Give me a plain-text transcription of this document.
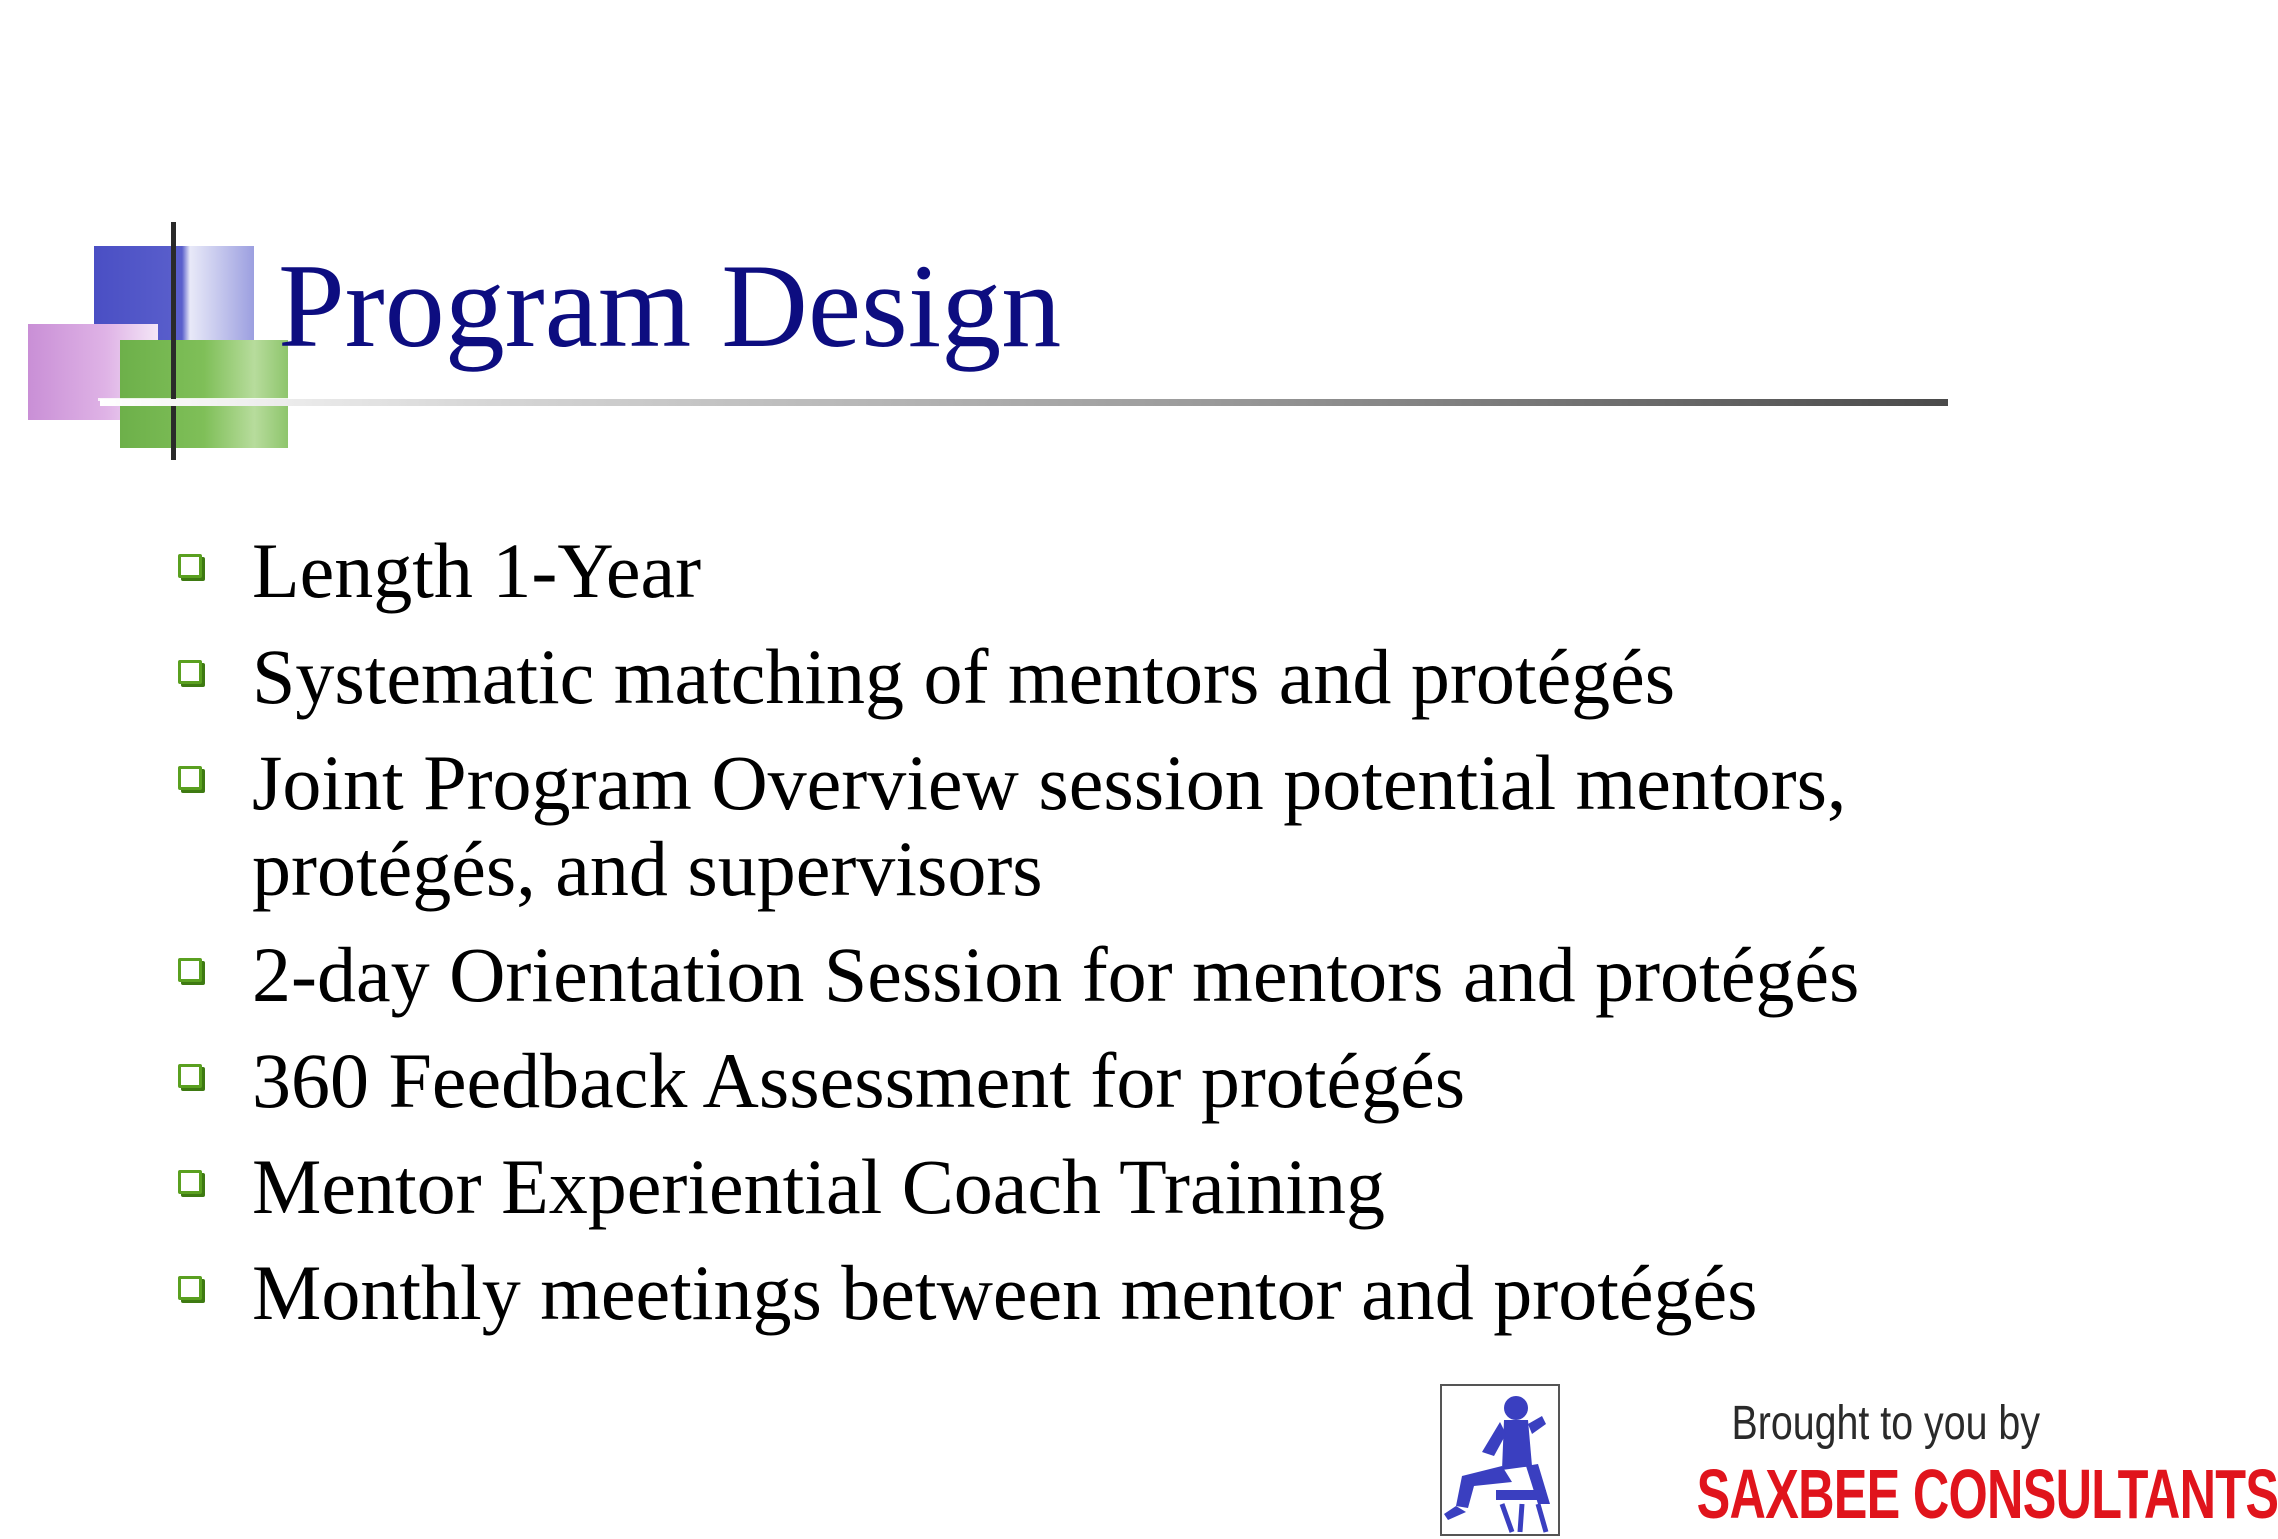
Program Design
Length 1-Year
Systematic matching of mentors and protégés
Joint Program Overview session potential mentors, protégés, and supervisors
2-day Orientation Session for mentors and protégés
360 Feedback Assessment for protégés
Mentor Experiential Coach Training
Monthly meetings between mentor and protégés
Brought to you by
SAXBEE CONSULTANTS
